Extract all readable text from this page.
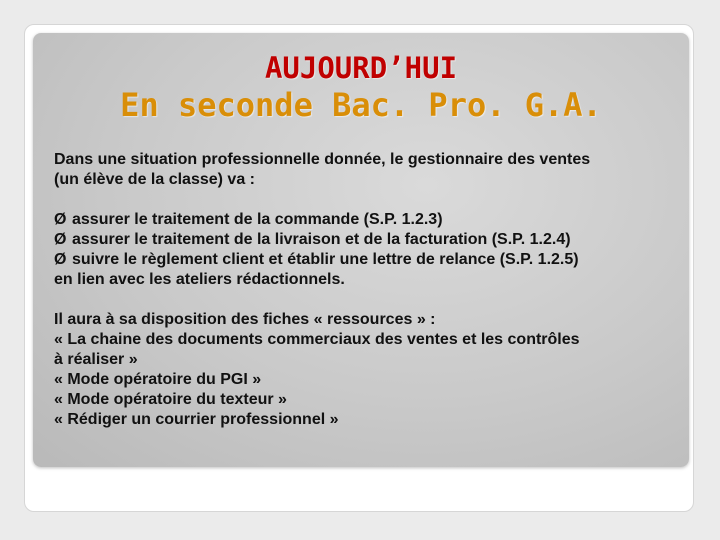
AUJOURD’HUI
En seconde Bac. Pro. G.A.
Dans une situation professionnelle donnée, le gestionnaire des ventes
(un élève de la classe) va :
Ø assurer le traitement de la commande (S.P. 1.2.3)
Ø assurer le traitement de la livraison et de la facturation (S.P. 1.2.4)
Ø suivre le règlement client et établir une lettre de relance (S.P. 1.2.5)
en lien avec les ateliers rédactionnels.
Il aura à sa disposition des fiches « ressources » :
« La chaine des documents commerciaux des ventes et les contrôles
à réaliser »
« Mode opératoire du PGI »
« Mode opératoire du texteur »
« Rédiger un courrier professionnel »
